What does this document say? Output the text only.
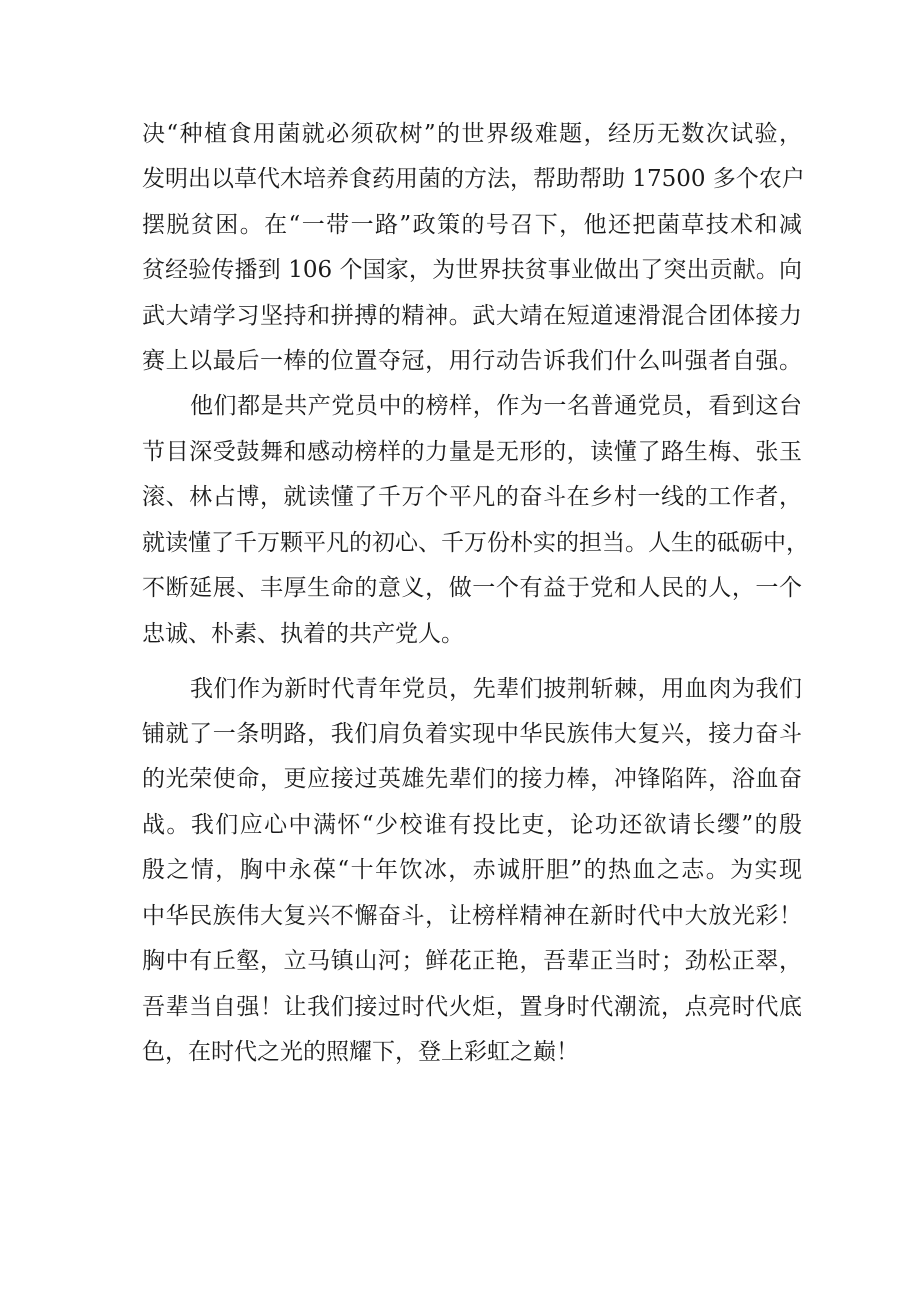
决“种植食用菌就必须砍树”的世界级难题，经历无数次试验，
发明出以草代木培养食药用菌的方法，帮助帮助 17500 多个农户
摆脱贫困。在“一带一路”政策的号召下，他还把菌草技术和减
贫经验传播到 106 个国家，为世界扶贫事业做出了突出贡献。向
武大靖学习坚持和拼搏的精神。武大靖在短道速滑混合团体接力
赛上以最后一棒的位置夺冠，用行动告诉我们什么叫强者自强。
他们都是共产党员中的榜样，作为一名普通党员，看到这台
节目深受鼓舞和感动榜样的力量是无形的，读懂了路生梅、张玉
滚、林占博，就读懂了千万个平凡的奋斗在乡村一线的工作者，
就读懂了千万颗平凡的初心、千万份朴实的担当。人生的砥砺中，
不断延展、丰厚生命的意义，做一个有益于党和人民的人，一个
忠诚、朴素、执着的共产党人。
我们作为新时代青年党员，先辈们披荆斩棘，用血肉为我们
铺就了一条明路，我们肩负着实现中华民族伟大复兴，接力奋斗
的光荣使命，更应接过英雄先辈们的接力棒，冲锋陷阵，浴血奋
战。我们应心中满怀“少校谁有投比吏，论功还欲请长缨”的殷
殷之情，胸中永葆“十年饮冰，赤诚肝胆”的热血之志。为实现
中华民族伟大复兴不懈奋斗，让榜样精神在新时代中大放光彩！
胸中有丘壑，立马镇山河；鲜花正艳，吾辈正当时；劲松正翠，
吾辈当自强！让我们接过时代火炬，置身时代潮流，点亮时代底
色，在时代之光的照耀下，登上彩虹之巅！
